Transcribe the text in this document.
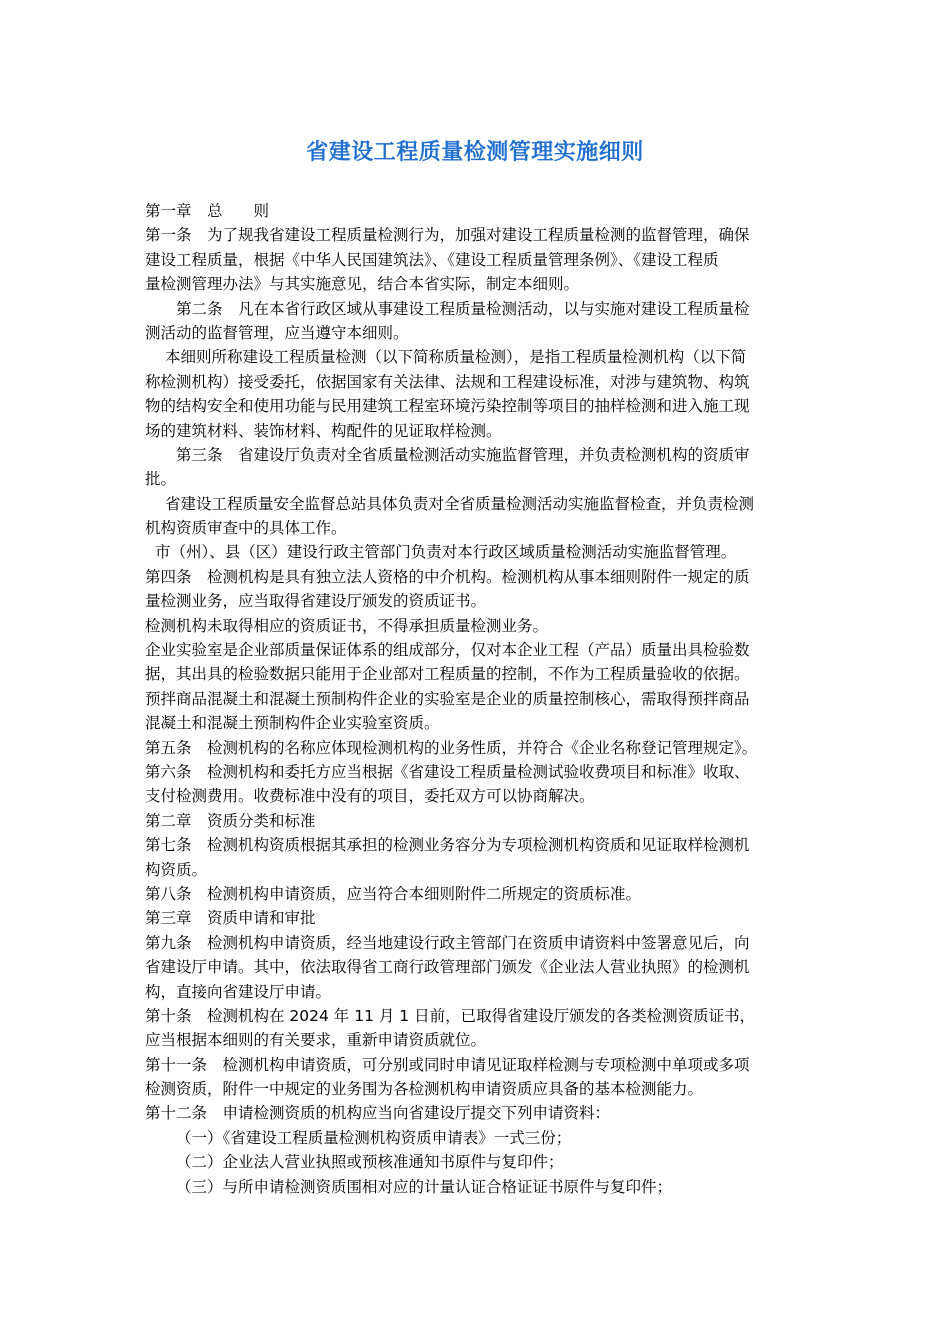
省建设工程质量检测管理实施细则
第一章　总　　则
第一条　为了规我省建设工程质量检测行为，加强对建设工程质量检测的监督管理，确保
建设工程质量，根据《中华人民国建筑法》、《建设工程质量管理条例》、《建设工程质
量检测管理办法》与其实施意见，结合本省实际，制定本细则。
第二条　凡在本省行政区域从事建设工程质量检测活动，以与实施对建设工程质量检
测活动的监督管理，应当遵守本细则。
本细则所称建设工程质量检测（以下简称质量检测），是指工程质量检测机构（以下简
称检测机构）接受委托，依据国家有关法律、法规和工程建设标准，对涉与建筑物、构筑
物的结构安全和使用功能与民用建筑工程室环境污染控制等项目的抽样检测和进入施工现
场的建筑材料、装饰材料、构配件的见证取样检测。
第三条　省建设厅负责对全省质量检测活动实施监督管理，并负责检测机构的资质审
批。
省建设工程质量安全监督总站具体负责对全省质量检测活动实施监督检查，并负责检测
机构资质审查中的具体工作。
市（州）、县（区）建设行政主管部门负责对本行政区域质量检测活动实施监督管理。
第四条　检测机构是具有独立法人资格的中介机构。检测机构从事本细则附件一规定的质
量检测业务，应当取得省建设厅颁发的资质证书。
检测机构未取得相应的资质证书，不得承担质量检测业务。
企业实验室是企业部质量保证体系的组成部分，仅对本企业工程（产品）质量出具检验数
据，其出具的检验数据只能用于企业部对工程质量的控制，不作为工程质量验收的依据。
预拌商品混凝土和混凝土预制构件企业的实验室是企业的质量控制核心，需取得预拌商品
混凝土和混凝土预制构件企业实验室资质。
第五条　检测机构的名称应体现检测机构的业务性质，并符合《企业名称登记管理规定》。
第六条　检测机构和委托方应当根据《省建设工程质量检测试验收费项目和标准》收取、
支付检测费用。收费标准中没有的项目，委托双方可以协商解决。
第二章　资质分类和标准
第七条　检测机构资质根据其承担的检测业务容分为专项检测机构资质和见证取样检测机
构资质。
第八条　检测机构申请资质，应当符合本细则附件二所规定的资质标准。
第三章　资质申请和审批
第九条　检测机构申请资质，经当地建设行政主管部门在资质申请资料中签署意见后，向
省建设厅申请。其中，依法取得省工商行政管理部门颁发《企业法人营业执照》的检测机
构，直接向省建设厅申请。
第十条　检测机构在 2024 年 11 月 1 日前，已取得省建设厅颁发的各类检测资质证书，
应当根据本细则的有关要求，重新申请资质就位。
第十一条　检测机构申请资质，可分别或同时申请见证取样检测与专项检测中单项或多项
检测资质，附件一中规定的业务围为各检测机构申请资质应具备的基本检测能力。
第十二条　申请检测资质的机构应当向省建设厅提交下列申请资料：
（一）《省建设工程质量检测机构资质申请表》一式三份；
（二）企业法人营业执照或预核准通知书原件与复印件；
（三）与所申请检测资质围相对应的计量认证合格证证书原件与复印件；
